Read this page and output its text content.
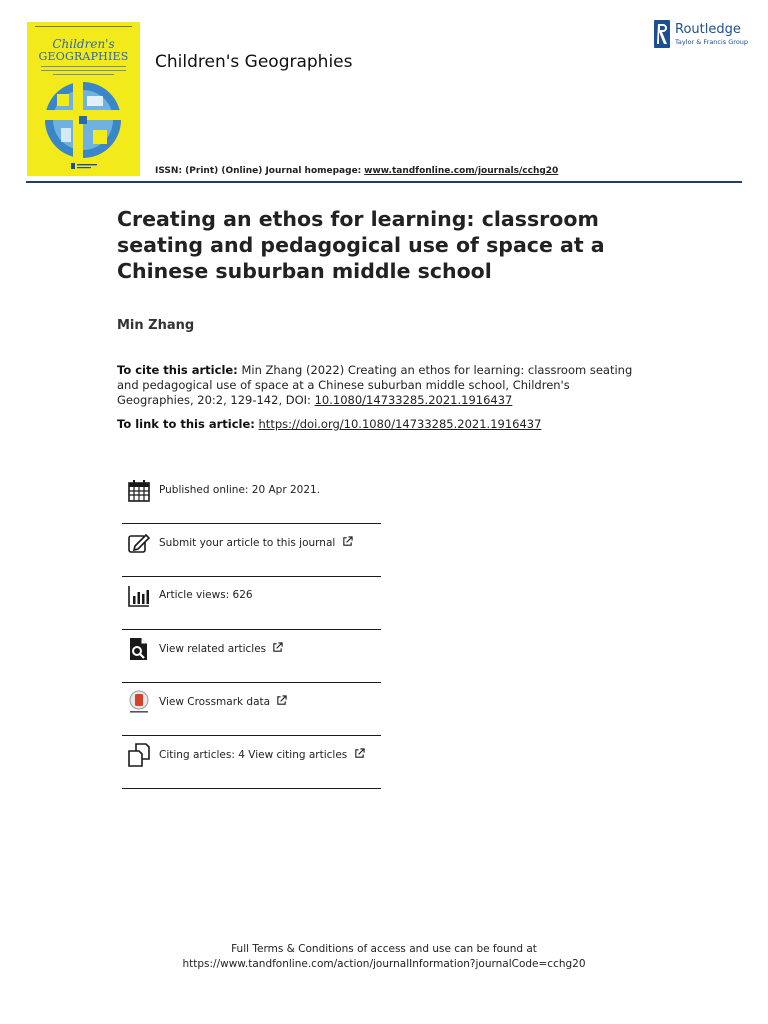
Children's
GEOGRAPHIES	Children's Geographies
Routledge
Taylor & Francis Group
ISSN: (Print) (Online) Journal homepage: www.tandfonline.com/journals/cchg20
Creating an ethos for learning: classroom seating and pedagogical use of space at a Chinese suburban middle school
Min Zhang
To cite this article: Min Zhang (2022) Creating an ethos for learning: classroom seating and pedagogical use of space at a Chinese suburban middle school, Children's Geographies, 20:2, 129-142, DOI: 10.1080/14733285.2021.1916437
To link to this article: https://doi.org/10.1080/14733285.2021.1916437
Published online: 20 Apr 2021.
Submit your article to this journal
Article views: 626
View related articles
View Crossmark data
Citing articles: 4 View citing articles
Full Terms & Conditions of access and use can be found at
https://www.tandfonline.com/action/journalInformation?journalCode=cchg20
